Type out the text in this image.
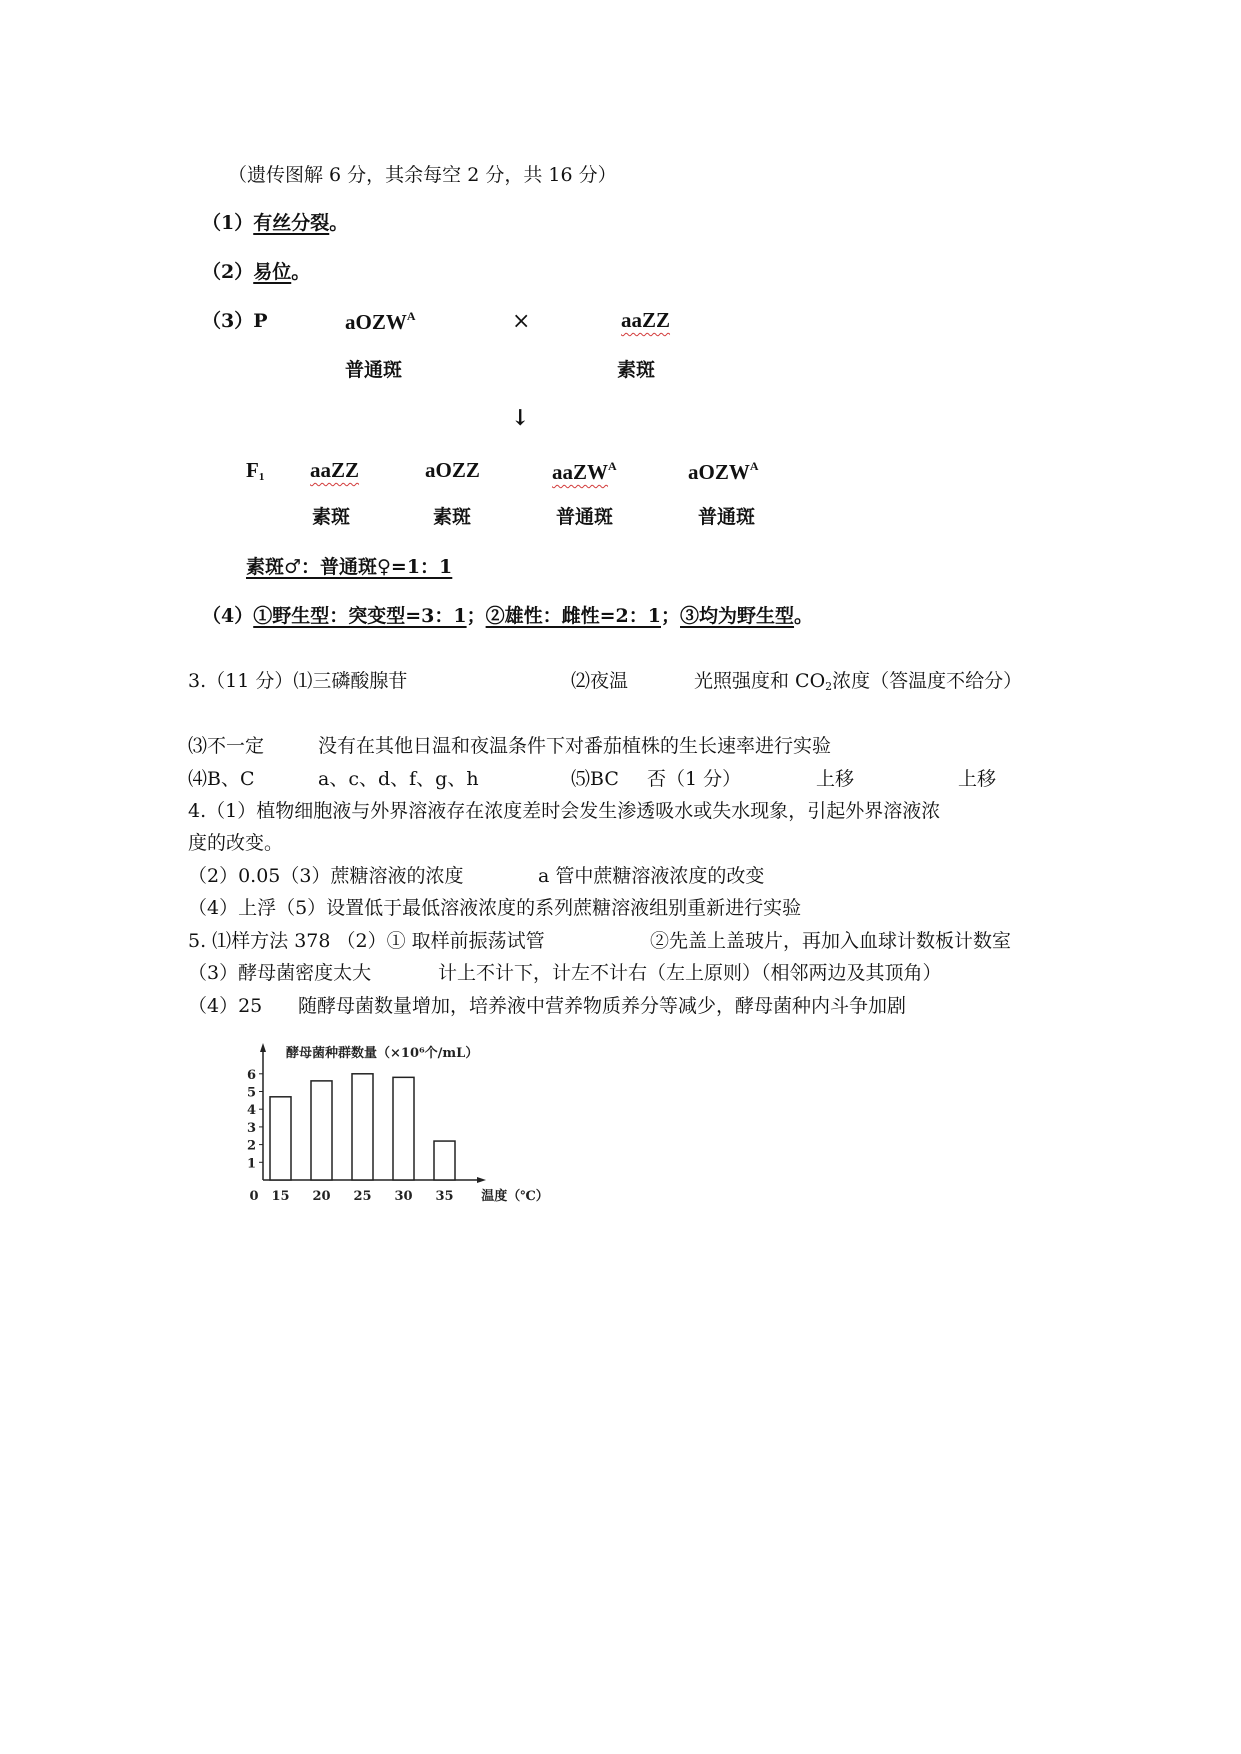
（遗传图解 6 分，其余每空 2 分，共 16 分）
（1）有丝分裂。
（2）易位。
（3）P	aOZW$^A$	×	aaZZ
普通斑	素斑
↓
$F_1$ aaZZ	aOZZ	aaZW$^A$	aOZW$^A$
素斑	素斑	普通斑	普通斑
素斑♂：普通斑♀=1：1
（4）①野生型：突变型=3：1；②雄性：雌性=2：1；③均为野生型。
3.（11 分）⑴三磷酸腺苷	⑵夜温	光照强度和 $CO_2$浓度（答温度不给分）
⑶不一定	没有在其他日温和夜温条件下对番茄植株的生长速率进行实验
⑷B、C	a、c、d、f、g、h	⑸BC 否（1 分）	上移	上移
4.（1）植物细胞液与外界溶液存在浓度差时会发生渗透吸水或失水现象，引起外界溶液浓
度的改变。
（2）0.05（3）蔗糖溶液的浓度	a 管中蔗糖溶液浓度的改变
（4）上浮（5）设置低于最低溶液浓度的系列蔗糖溶液组别重新进行实验
5. ⑴样方法 378 （2）① 取样前振荡试管	②先盖上盖玻片，再加入血球计数板计数室
（3）酵母菌密度太大	计上不计下，计左不计右（左上原则）（相邻两边及其顶角）
（4）25 随酵母菌数量增加，培养液中营养物质养分等减少，酵母菌种内斗争加剧
1
2
3
4
5
6
0 15 20 25 30 35
酵母菌种群数量（×10⁶个/mL）
温度（℃）
